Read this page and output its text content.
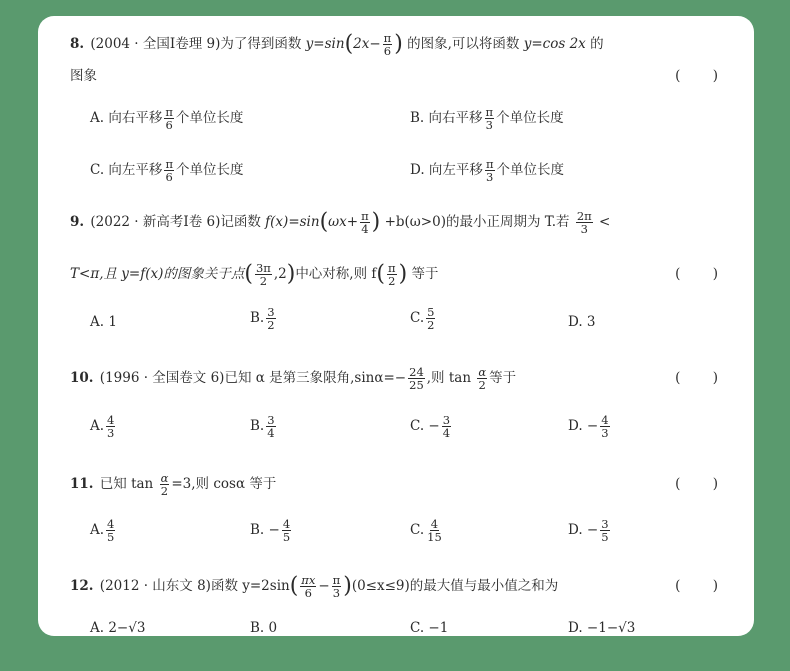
8. (2004 · 全国Ⅰ卷理 9)为了得到函数 $y=\sin(2x- \frac{\pi}{6}$ ) 的图象,可以将函数 y=cos 2x 的
图象	( )
A. 向右平移 $\frac{\pi}{6}$ 个单位长度	B. 向右平移 $\frac{\pi}{3}$ 个单位长度
C. 向左平移 $\frac{\pi}{6}$ 个单位长度	D. 向左平移 $\frac{\pi}{3}$ 个单位长度
9. (2022 · 新高考Ⅰ卷 6)记函数 $f(x)=\sin(\omega x+ \frac{\pi}{4}$ ) +b(ω>0)的最小正周期为 T.若 $\frac{2\pi}{3}$ <
T<π,且 y=f(x)的图象关于点( $\frac{3\pi}{2} ,2$)中心对称,则 $f( \frac{\pi}{2}$ ) 等于	( )
A. 1	B. $\frac{3}{2}$	C. $\frac{5}{2}$	D. 3
10. (1996 · 全国卷文 6)已知 α 是第三象限角$,\sin\alpha=- \frac{24}{25}$ ,则 $\tan \frac{\alpha}{2}$ 等于	( )
A. $\frac{4}{3}$	B. $\frac{3}{4}$	C. − $\frac{3}{4}$	D. − $\frac{4}{3}$
11. 已知 $\tan \frac{\alpha}{2} =3$,则 cosα 等于	( )
A. $\frac{4}{5}$	B. − $\frac{4}{5}$	C. $\frac{4}{15}$	D. − $\frac{3}{5}$
12. (2012 · 山东文 8)函数 $y=2\sin( \frac{\pi x}{6} - \frac{\pi}{3} )(0\le x\le 9)$的最大值与最小值之和为	( )
A. 2−√3	B. 0	C. −1	D. −1−√3
